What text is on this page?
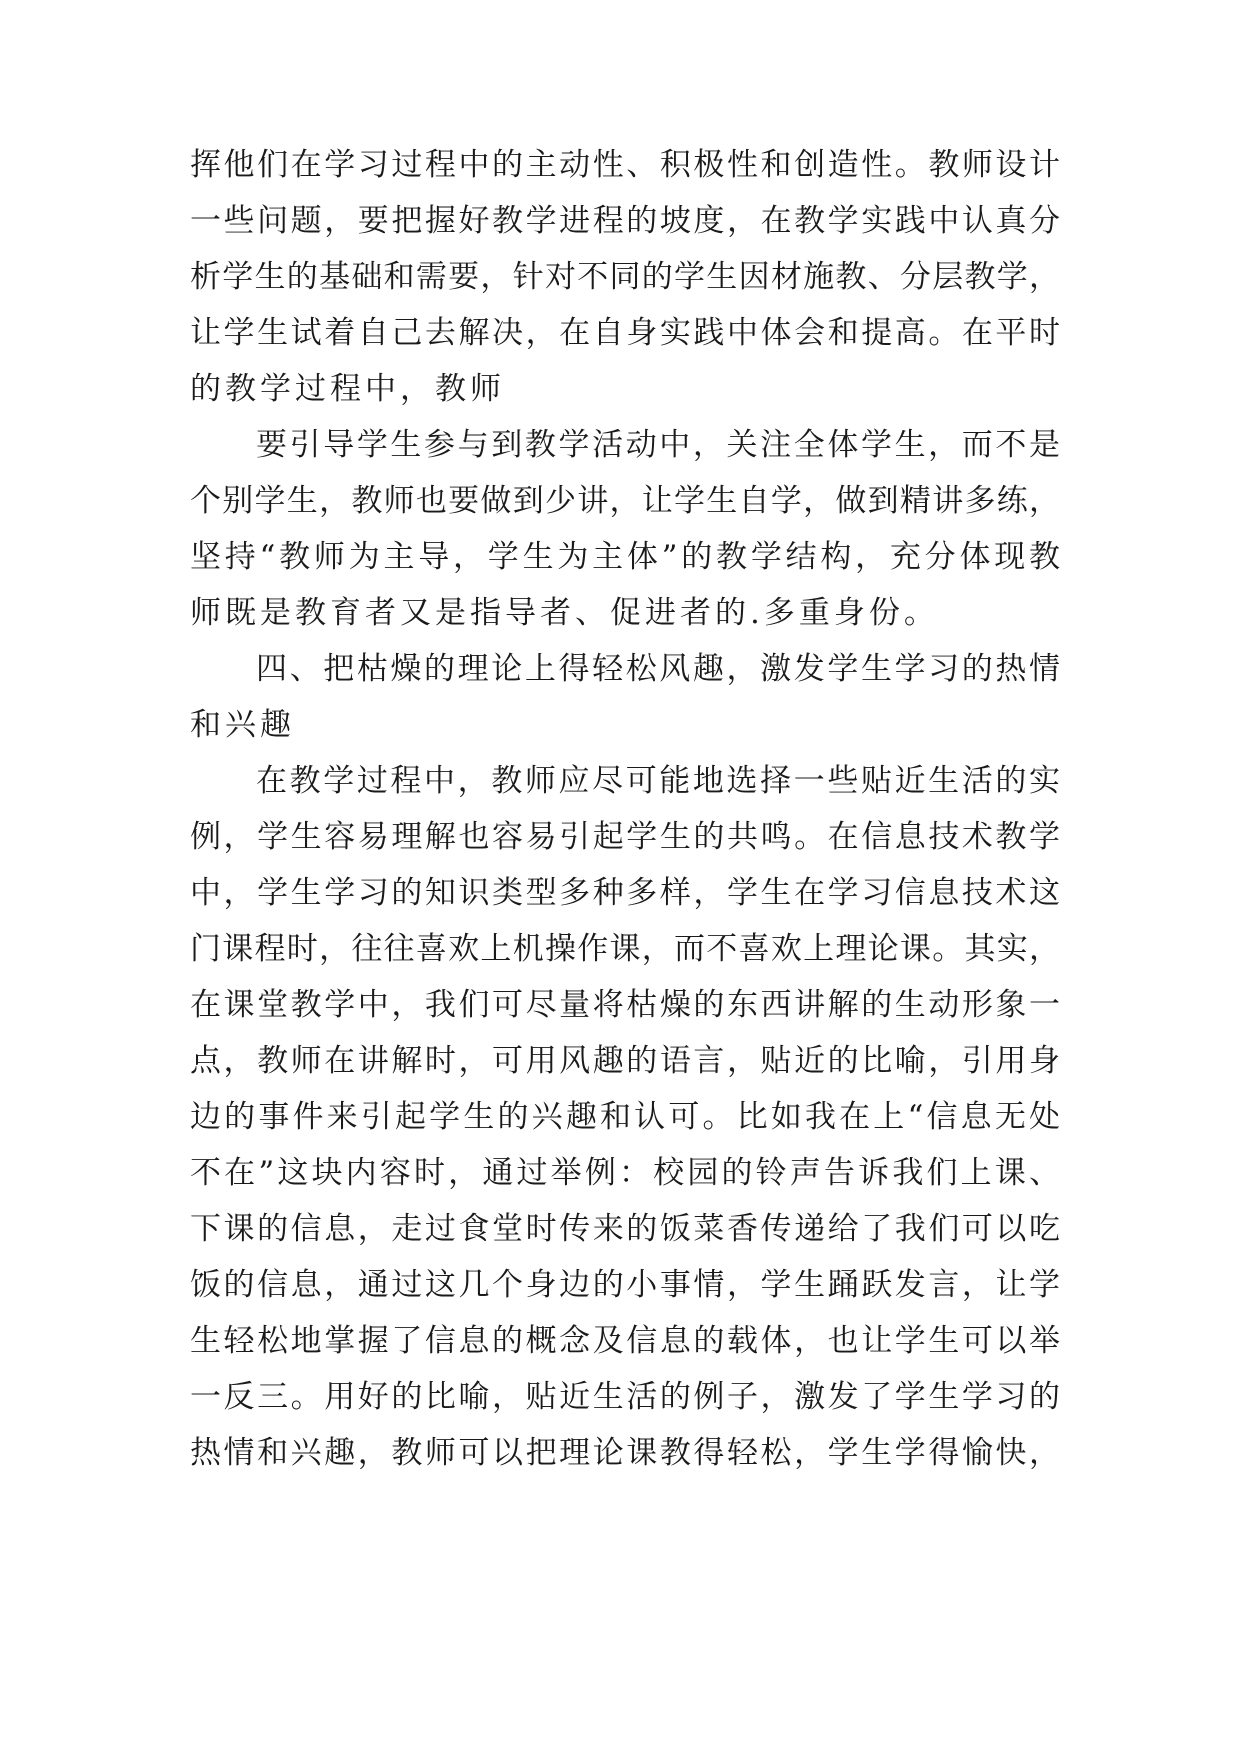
挥他们在学习过程中的主动性、积极性和创造性。教师设计
一些问题，要把握好教学进程的坡度，在教学实践中认真分
析学生的基础和需要，针对不同的学生因材施教、分层教学，
让学生试着自己去解决，在自身实践中体会和提高。在平时
的教学过程中，教师
要引导学生参与到教学活动中，关注全体学生，而不是
个别学生，教师也要做到少讲，让学生自学，做到精讲多练，
坚持“教师为主导，学生为主体”的教学结构，充分体现教
师既是教育者又是指导者、促进者的.多重身份。
四、把枯燥的理论上得轻松风趣，激发学生学习的热情
和兴趣
在教学过程中，教师应尽可能地选择一些贴近生活的实
例，学生容易理解也容易引起学生的共鸣。在信息技术教学
中，学生学习的知识类型多种多样，学生在学习信息技术这
门课程时，往往喜欢上机操作课，而不喜欢上理论课。其实，
在课堂教学中，我们可尽量将枯燥的东西讲解的生动形象一
点，教师在讲解时，可用风趣的语言，贴近的比喻，引用身
边的事件来引起学生的兴趣和认可。比如我在上“信息无处
不在”这块内容时，通过举例：校园的铃声告诉我们上课、
下课的信息，走过食堂时传来的饭菜香传递给了我们可以吃
饭的信息，通过这几个身边的小事情，学生踊跃发言，让学
生轻松地掌握了信息的概念及信息的载体，也让学生可以举
一反三。用好的比喻，贴近生活的例子，激发了学生学习的
热情和兴趣，教师可以把理论课教得轻松，学生学得愉快，
